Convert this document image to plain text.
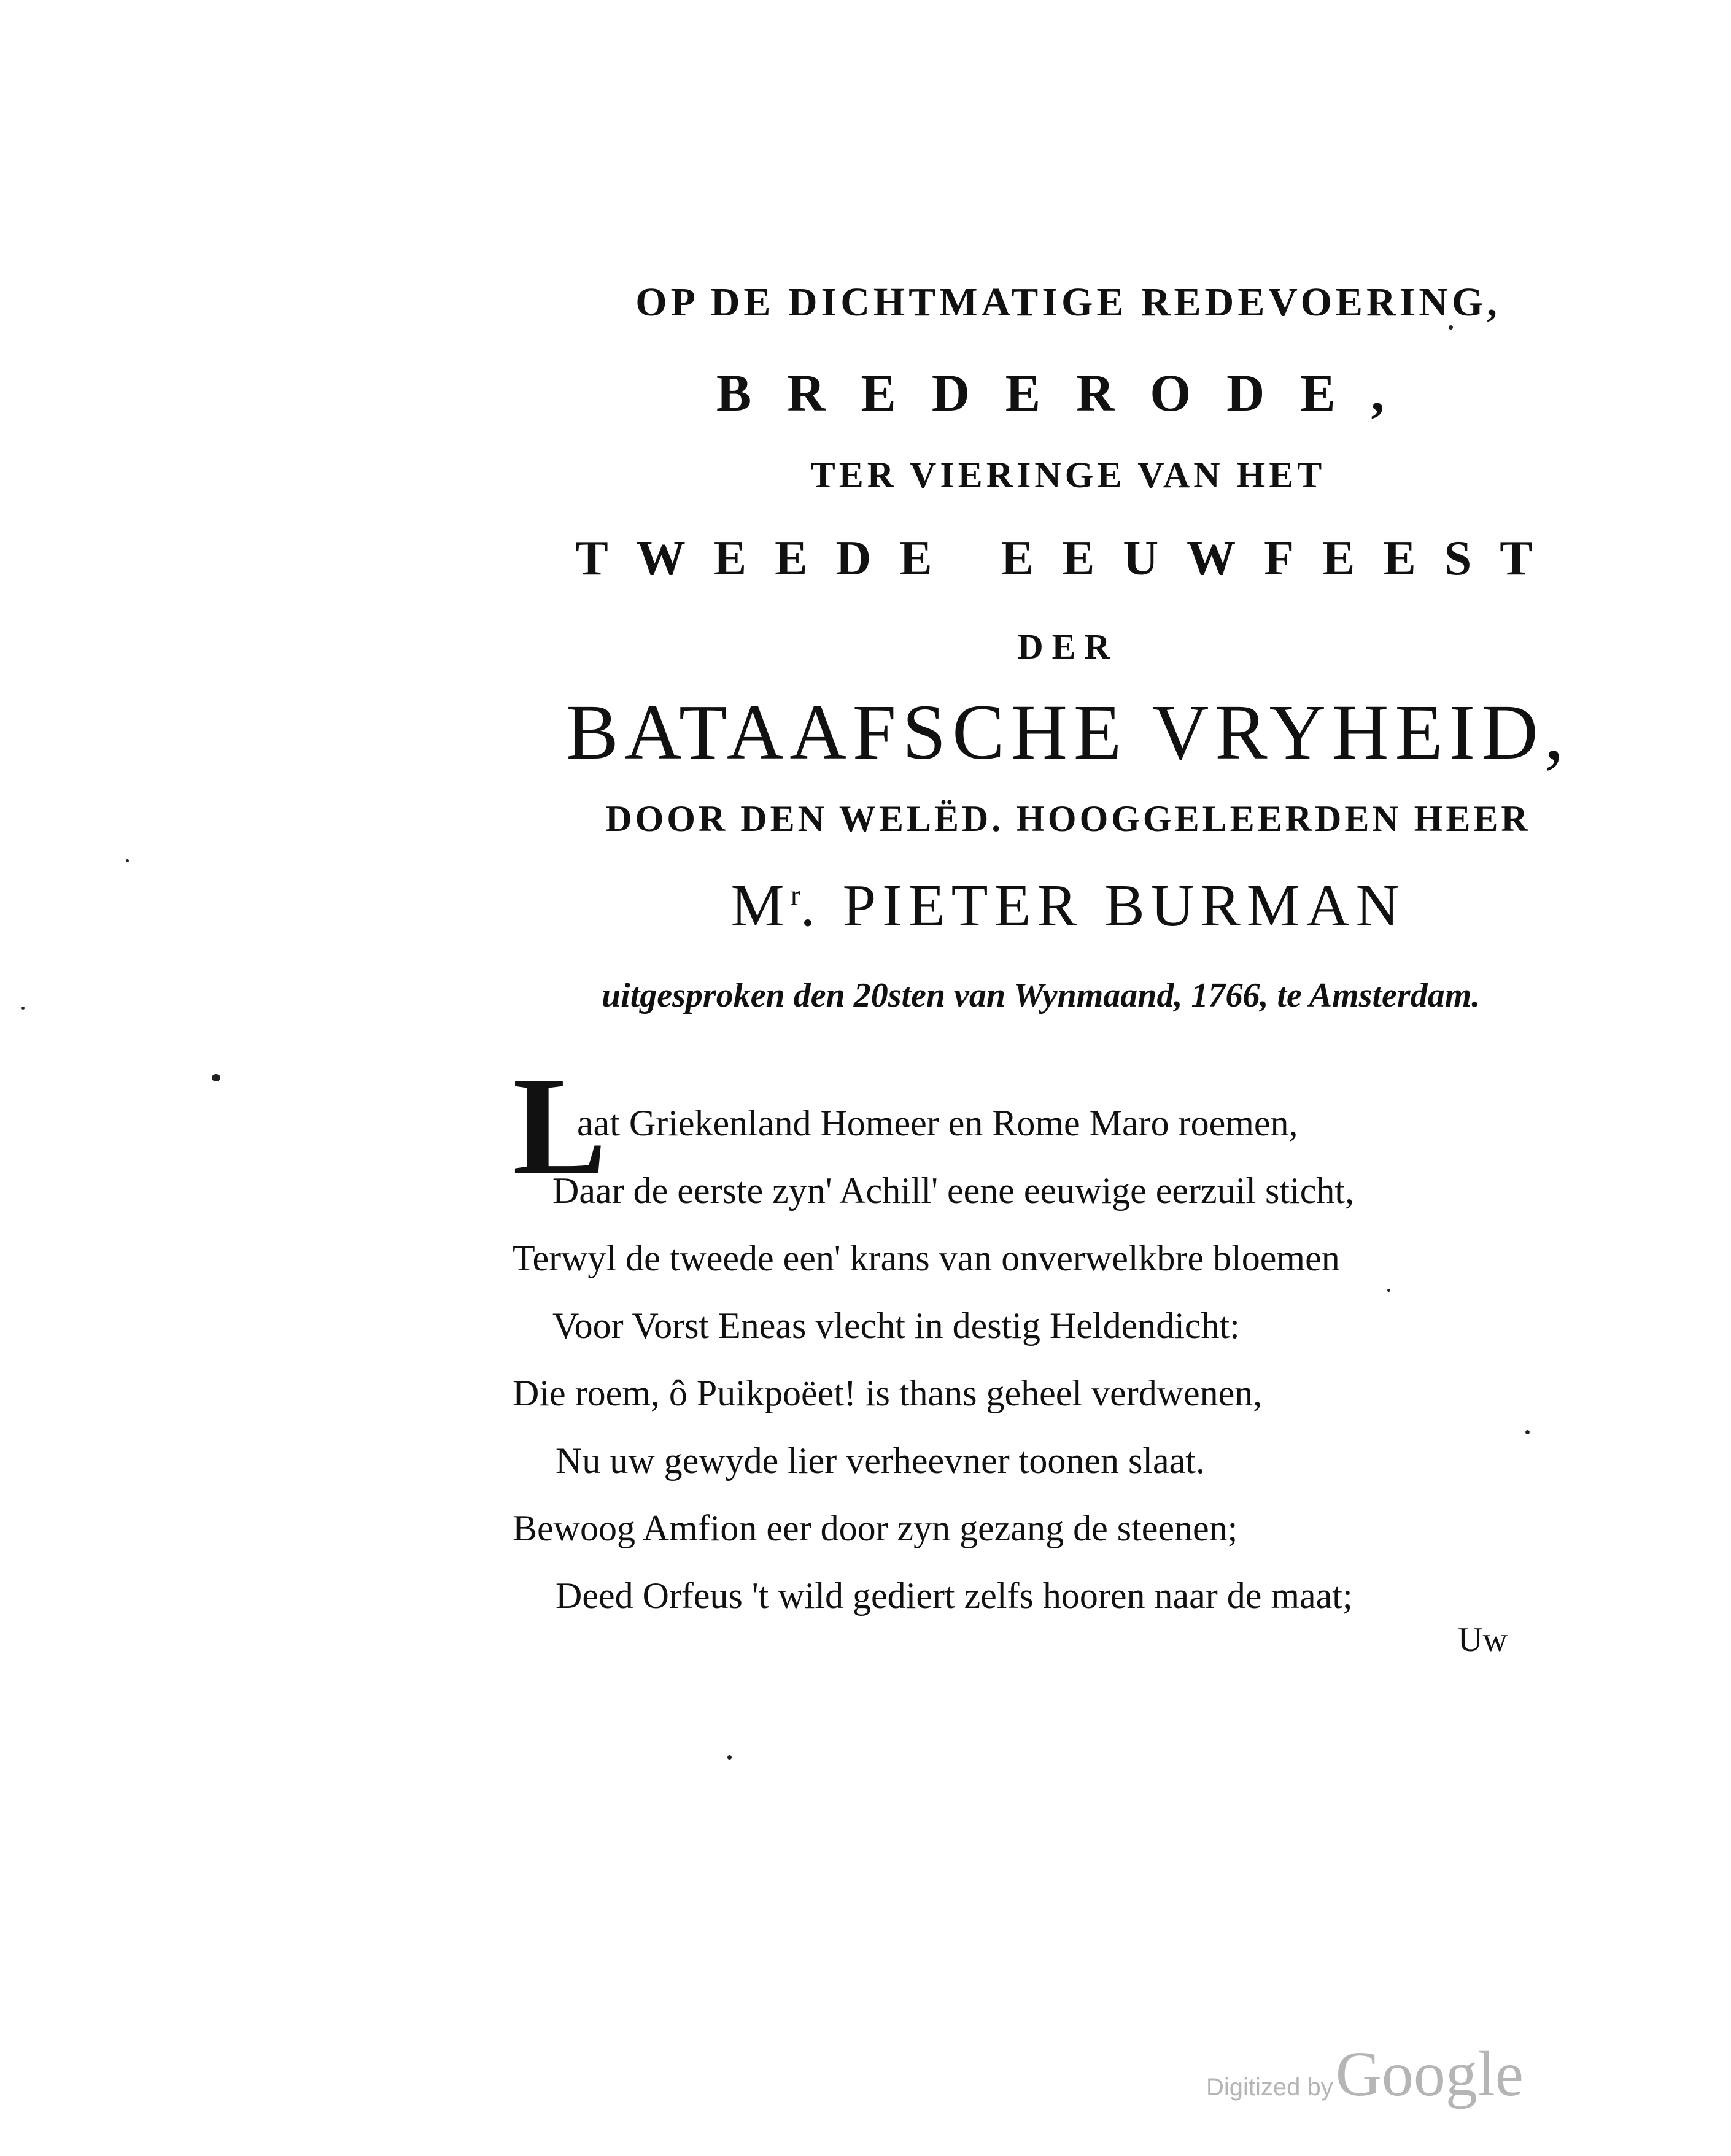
OP DE DICHTMATIGE REDEVOERING,
BREDERODE,
TER VIERINGE VAN HET
TWEEDE EEUWFEEST
DER
BATAAFSCHE VRYHEID,
DOOR DEN WELËD. HOOGGELEERDEN HEER
$M^r$. PIETER BURMAN
uitgesproken den 20sten van Wynmaand, 1766, te Amsterdam.
L
aat Griekenland Homeer en Rome Maro roemen,
Daar de eerste zyn' Achill' eene eeuwige eerzuil sticht,
Terwyl de tweede een' krans van onverwelkbre bloemen
Voor Vorst Eneas vlecht in destig Heldendicht:
Die roem, ô Puikpoëet! is thans geheel verdwenen,
Nu uw gewyde lier verheevner toonen slaat.
Bewoog Amfion eer door zyn gezang de steenen;
Deed Orfeus 't wild gediert zelfs hooren naar de maat;
Uw
Digitized by Google
